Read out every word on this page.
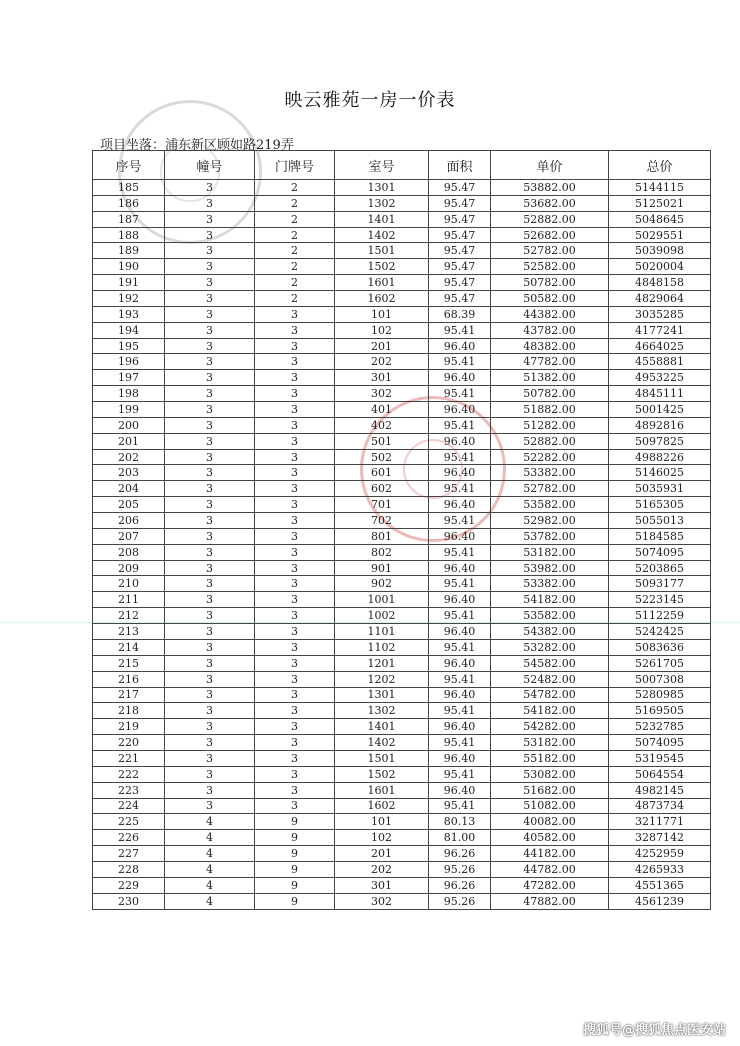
映云雅苑一房一价表
项目坐落：浦东新区顾如路219弄
序号	幢号	门牌号	室号	面积	单价	总价
185	3	2	1301	95.47	53882.00	5144115
186	3	2	1302	95.47	53682.00	5125021
187	3	2	1401	95.47	52882.00	5048645
188	3	2	1402	95.47	52682.00	5029551
189	3	2	1501	95.47	52782.00	5039098
190	3	2	1502	95.47	52582.00	5020004
191	3	2	1601	95.47	50782.00	4848158
192	3	2	1602	95.47	50582.00	4829064
193	3	3	101	68.39	44382.00	3035285
194	3	3	102	95.41	43782.00	4177241
195	3	3	201	96.40	48382.00	4664025
196	3	3	202	95.41	47782.00	4558881
197	3	3	301	96.40	51382.00	4953225
198	3	3	302	95.41	50782.00	4845111
199	3	3	401	96.40	51882.00	5001425
200	3	3	402	95.41	51282.00	4892816
201	3	3	501	96.40	52882.00	5097825
202	3	3	502	95.41	52282.00	4988226
203	3	3	601	96.40	53382.00	5146025
204	3	3	602	95.41	52782.00	5035931
205	3	3	701	96.40	53582.00	5165305
206	3	3	702	95.41	52982.00	5055013
207	3	3	801	96.40	53782.00	5184585
208	3	3	802	95.41	53182.00	5074095
209	3	3	901	96.40	53982.00	5203865
210	3	3	902	95.41	53382.00	5093177
211	3	3	1001	96.40	54182.00	5223145
212	3	3	1002	95.41	53582.00	5112259
213	3	3	1101	96.40	54382.00	5242425
214	3	3	1102	95.41	53282.00	5083636
215	3	3	1201	96.40	54582.00	5261705
216	3	3	1202	95.41	52482.00	5007308
217	3	3	1301	96.40	54782.00	5280985
218	3	3	1302	95.41	54182.00	5169505
219	3	3	1401	96.40	54282.00	5232785
220	3	3	1402	95.41	53182.00	5074095
221	3	3	1501	96.40	55182.00	5319545
222	3	3	1502	95.41	53082.00	5064554
223	3	3	1601	96.40	51682.00	4982145
224	3	3	1602	95.41	51082.00	4873734
225	4	9	101	80.13	40082.00	3211771
226	4	9	102	81.00	40582.00	3287142
227	4	9	201	96.26	44182.00	4252959
228	4	9	202	95.26	44782.00	4265933
229	4	9	301	96.26	47282.00	4551365
230	4	9	302	95.26	47882.00	4561239
搜狐号@搜狐焦点医安站
